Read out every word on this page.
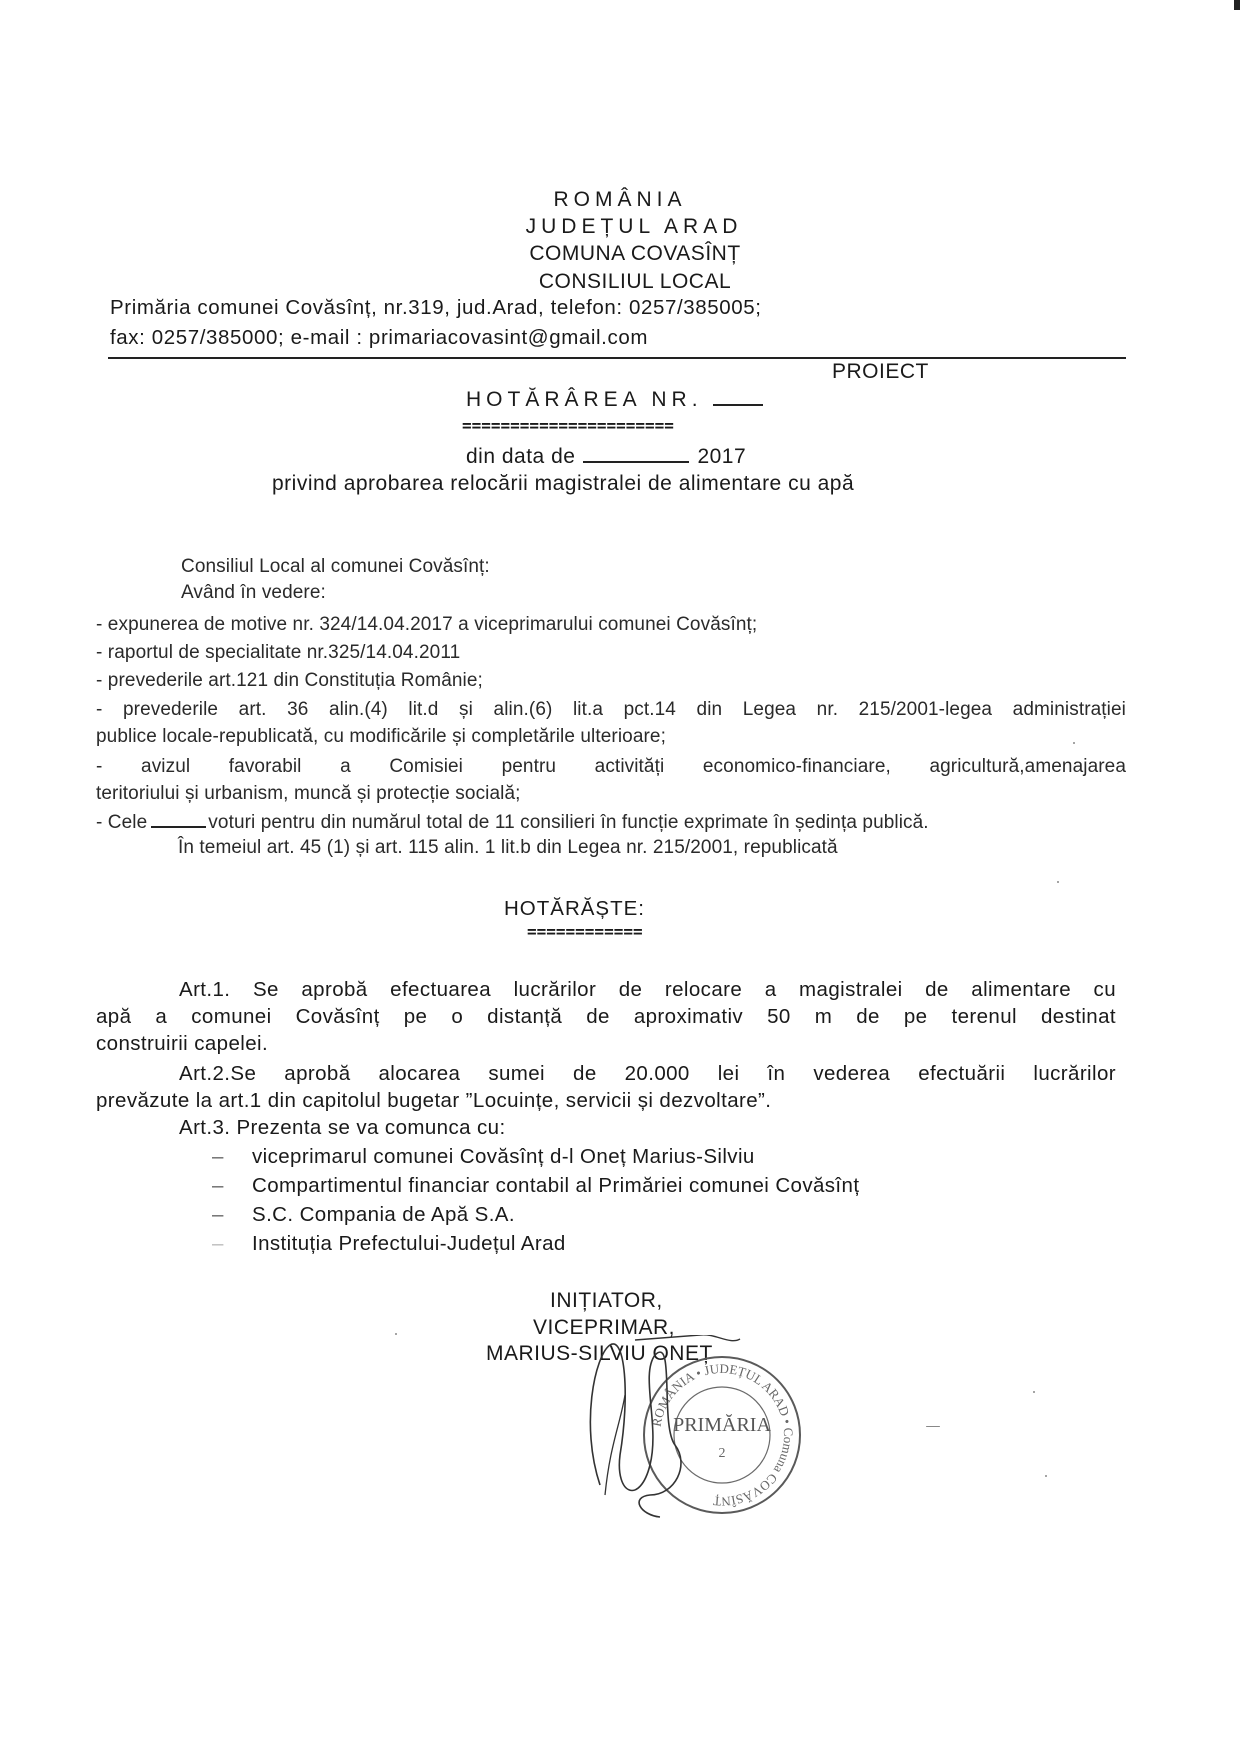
ROMÂNIA
JUDEȚUL ARAD
COMUNA COVASÎNȚ
CONSILIUL LOCAL
Primăria comunei Covăsînț, nr.319, jud.Arad, telefon: 0257/385005;
fax: 0257/385000; e-mail : primariacovasint@gmail.com
PROIECT
HOTĂRÂREA NR.
======================
din data de	2017
privind aprobarea relocării magistralei de alimentare cu apă
Consiliul Local al comunei Covăsînț:
Având în vedere:
- expunerea de motive nr. 324/14.04.2017 a viceprimarului comunei Covăsînț;
- raportul de specialitate nr.325/14.04.2011
- prevederile art.121 din Constituția Românie;
- prevederile art. 36 alin.(4) lit.d și alin.(6) lit.a pct.14 din Legea nr. 215/2001-legea administrației
publice locale-republicată, cu modificările și completările ulterioare;
- avizul favorabil a Comisiei pentru activități economico-financiare, agricultură,amenajarea
teritoriului și urbanism, muncă și protecție socială;
- Cele	voturi pentru din numărul total de 11 consilieri în funcție exprimate în ședința publică.
În temeiul art. 45 (1) și art. 115 alin. 1 lit.b din Legea nr. 215/2001, republicată
HOTĂRĂȘTE:
============
Art.1. Se aprobă efectuarea lucrărilor de relocare a magistralei de alimentare cu
apă a comunei Covăsînț pe o distanță de aproximativ 50 m de pe terenul destinat
construirii capelei.
Art.2.Se aprobă alocarea sumei de 20.000 lei în vederea efectuării lucrărilor
prevăzute la art.1 din capitolul bugetar ”Locuințe, servicii și dezvoltare”.
Art.3. Prezenta se va comunca cu:
– viceprimarul comunei Covăsînț d-l Oneț Marius-Silviu
– Compartimentul financiar contabil al Primăriei comunei Covăsînț
– S.C. Compania de Apă S.A.
– Instituția Prefectului-Județul Arad
INIȚIATOR,
VICEPRIMAR,
MARIUS-SILVIU ONEȚ
PRIMĂRIA
2
ROMÂNIA • JUDEȚUL ARAD • Comuna COVĂSÎNȚ
